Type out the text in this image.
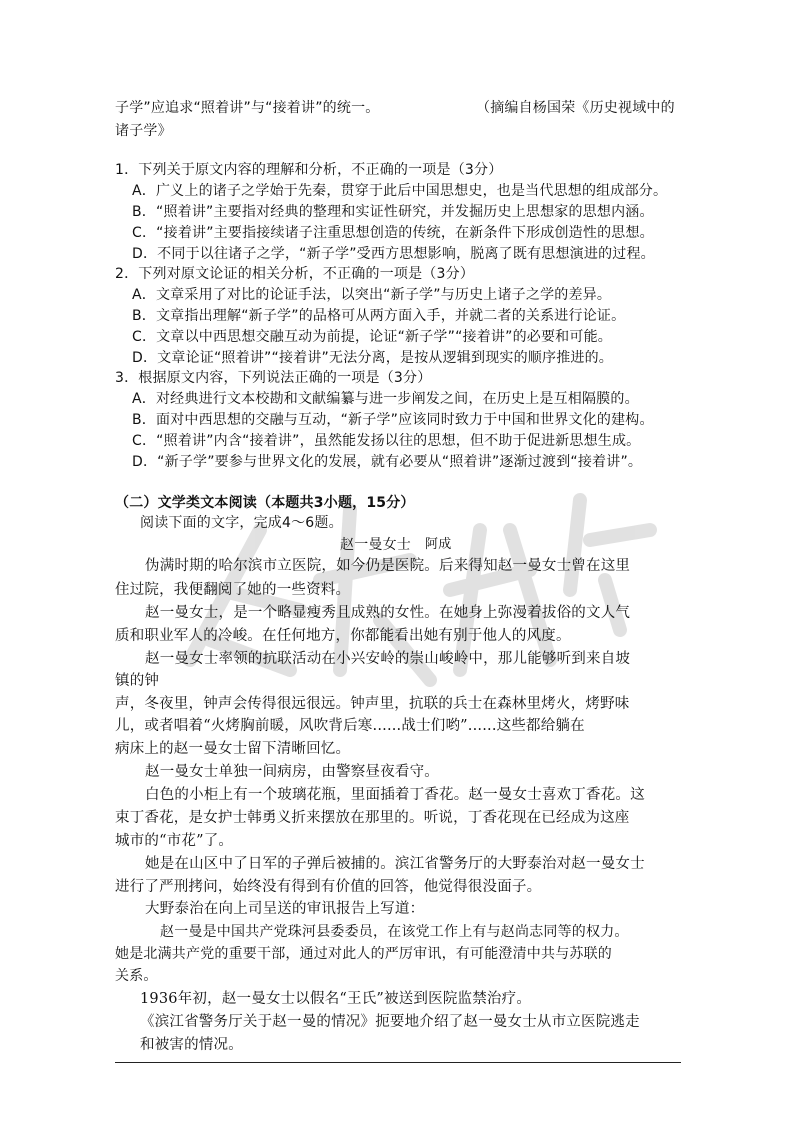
子学”应追求“照着讲”与“接着讲”的统一。	（摘编自杨国荣《历史视域中的
诸子学》
1．下列关于原文内容的理解和分析，不正确的一项是（3分）
A．广义上的诸子之学始于先秦，贯穿于此后中国思想史，也是当代思想的组成部分。
B．“照着讲”主要指对经典的整理和实证性研究，并发掘历史上思想家的思想内涵。
C．“接着讲”主要指接续诸子注重思想创造的传统，在新条件下形成创造性的思想。
D．不同于以往诸子之学，“新子学”受西方思想影响，脱离了既有思想演进的过程。
2．下列对原文论证的相关分析，不正确的一项是（3分）
A．文章采用了对比的论证手法，以突出“新子学”与历史上诸子之学的差异。
B．文章指出理解“新子学”的品格可从两方面入手，并就二者的关系进行论证。
C．文章以中西思想交融互动为前提，论证“新子学”“接着讲”的必要和可能。
D．文章论证“照着讲”“接着讲”无法分离，是按从逻辑到现实的顺序推进的。
3．根据原文内容，下列说法正确的一项是（3分）
A．对经典进行文本校勘和文献编纂与进一步阐发之间，在历史上是互相隔膜的。
B．面对中西思想的交融与互动，“新子学”应该同时致力于中国和世界文化的建构。
C．“照着讲”内含“接着讲”，虽然能发扬以往的思想，但不助于促进新思想生成。
D．“新子学”要参与世界文化的发展，就有必要从“照着讲”逐渐过渡到“接着讲”。
（二）文学类文本阅读（本题共3小题，15分）
阅读下面的文字，完成4～6题。
赵一曼女士 阿成
伪满时期的哈尔滨市立医院，如今仍是医院。后来得知赵一曼女士曾在这里
住过院，我便翻阅了她的一些资料。
赵一曼女士，是一个略显瘦秀且成熟的女性。在她身上弥漫着拔俗的文人气
质和职业军人的冷峻。在任何地方，你都能看出她有别于他人的风度。
赵一曼女士率领的抗联活动在小兴安岭的崇山峻岭中，那儿能够听到来自坡
镇的钟
声，冬夜里，钟声会传得很远很远。钟声里，抗联的兵士在森林里烤火，烤野味
儿，或者唱着“火烤胸前暖，风吹背后寒......战士们哟”......这些都给躺在
病床上的赵一曼女士留下清晰回忆。
赵一曼女士单独一间病房，由警察昼夜看守。
白色的小柜上有一个玻璃花瓶，里面插着丁香花。赵一曼女士喜欢丁香花。这
束丁香花，是女护士韩勇义折来摆放在那里的。听说，丁香花现在已经成为这座
城市的“市花”了。
她是在山区中了日军的子弹后被捕的。滨江省警务厅的大野泰治对赵一曼女士
进行了严刑拷问，始终没有得到有价值的回答，他觉得很没面子。
大野泰治在向上司呈送的审讯报告上写道：
赵一曼是中国共产党珠河县委委员，在该党工作上有与赵尚志同等的权力。
她是北满共产党的重要干部，通过对此人的严厉审讯，有可能澄清中共与苏联的
关系。
1936年初，赵一曼女士以假名“王氏”被送到医院监禁治疗。
《滨江省警务厅关于赵一曼的情况》扼要地介绍了赵一曼女士从市立医院逃走
和被害的情况。
